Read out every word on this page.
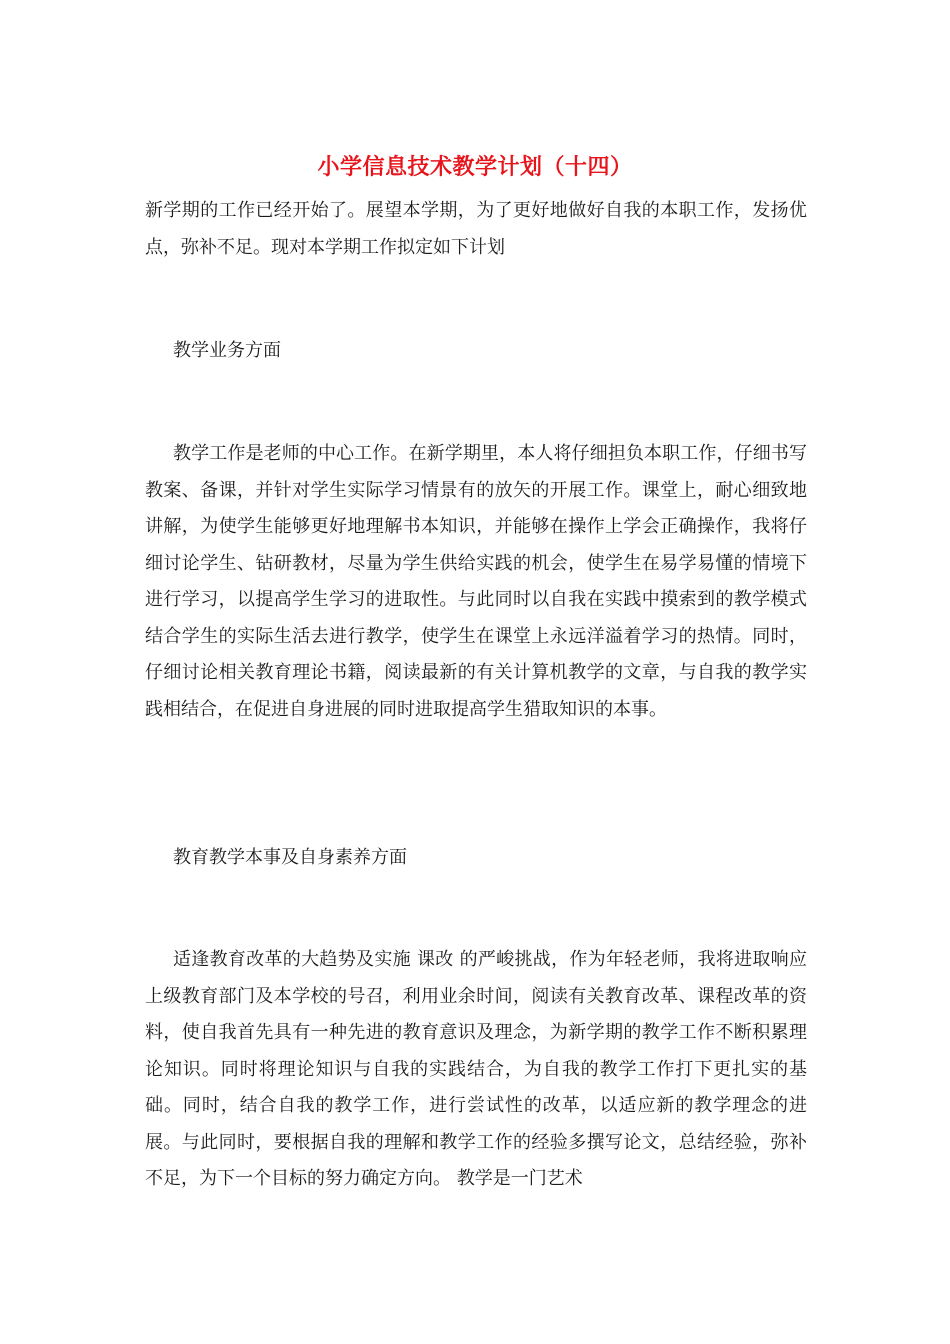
小学信息技术教学计划（十四）
新学期的工作已经开始了。展望本学期，为了更好地做好自我的本职工作，发扬优点，弥补不足。现对本学期工作拟定如下计划
教学业务方面
教学工作是老师的中心工作。在新学期里，本人将仔细担负本职工作，仔细书写教案、备课，并针对学生实际学习情景有的放矢的开展工作。课堂上，耐心细致地讲解，为使学生能够更好地理解书本知识，并能够在操作上学会正确操作，我将仔细讨论学生、钻研教材，尽量为学生供给实践的机会，使学生在易学易懂的情境下进行学习，以提高学生学习的进取性。与此同时以自我在实践中摸索到的教学模式结合学生的实际生活去进行教学，使学生在课堂上永远洋溢着学习的热情。同时，仔细讨论相关教育理论书籍，阅读最新的有关计算机教学的文章，与自我的教学实践相结合，在促进自身进展的同时进取提高学生猎取知识的本事。
教育教学本事及自身素养方面
适逢教育改革的大趋势及实施 课改 的严峻挑战，作为年轻老师，我将进取响应上级教育部门及本学校的号召，利用业余时间，阅读有关教育改革、课程改革的资料，使自我首先具有一种先进的教育意识及理念，为新学期的教学工作不断积累理论知识。同时将理论知识与自我的实践结合，为自我的教学工作打下更扎实的基础。同时，结合自我的教学工作，进行尝试性的改革，以适应新的教学理念的进展。与此同时，要根据自我的理解和教学工作的经验多撰写论文，总结经验，弥补不足，为下一个目标的努力确定方向。 教学是一门艺术
